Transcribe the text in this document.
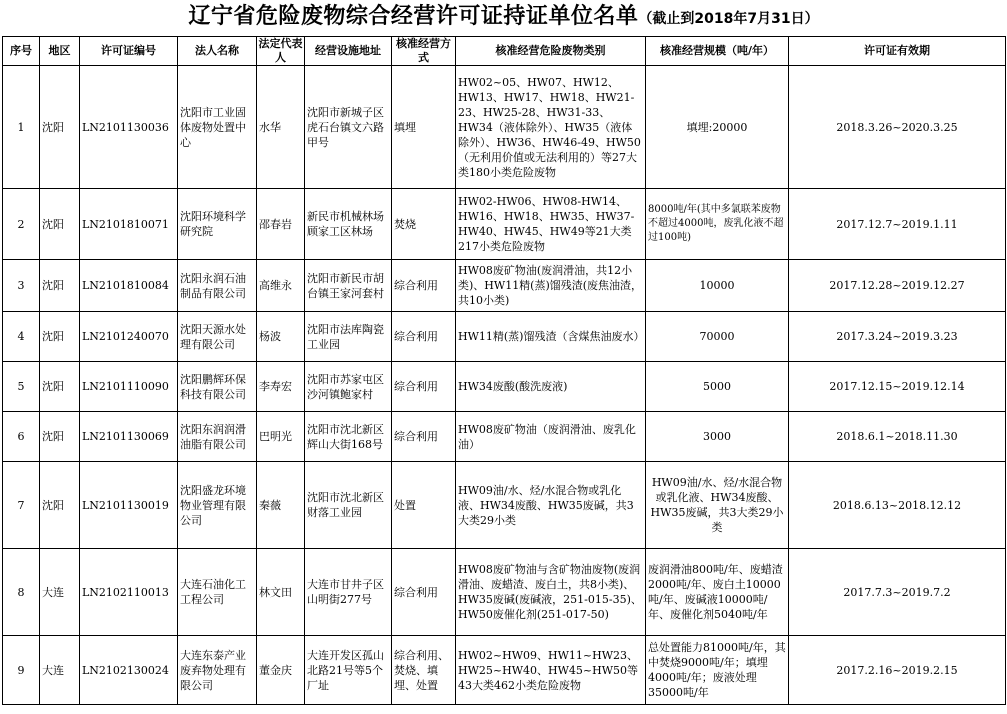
辽宁省危险废物综合经营许可证持证单位名单（截止到2018年7月31日）
序号	地区	许可证编号	法人名称	法定代表人	经营设施地址	核准经营方式	核准经营危险废物类别	核准经营规模（吨/年）	许可证有效期
1	沈阳	LN2101130036	沈阳市工业固体废物处置中心	水华	沈阳市新城子区虎石台镇文六路甲号	填埋	HW02~05、HW07、HW12、HW13、HW17、HW18、HW21-23、HW25-28、HW31-33、HW34（液体除外）、HW35（液体除外）、HW36、HW46-49、HW50（无利用价值或无法利用的）等27大类180小类危险废物	填埋:20000	2018.3.26~2020.3.25
2	沈阳	LN2101810071	沈阳环境科学研究院	邵春岩	新民市机械林场顾家工区林场	焚烧	HW02-HW06、HW08-HW14、HW16、HW18、HW35、HW37-HW40、HW45、HW49等21大类217小类危险废物	8000吨/年(其中多氯联苯废物不超过4000吨，废乳化液不超过100吨)	2017.12.7~2019.1.11
3	沈阳	LN2101810084	沈阳永润石油制品有限公司	高维永	沈阳市新民市胡台镇王家河套村	综合利用	HW08废矿物油(废润滑油，共12小类)、HW11精(蒸)馏残渣(废焦油渣，共10小类)	10000	2017.12.28~2019.12.27
4	沈阳	LN2101240070	沈阳天源水处理有限公司	杨波	沈阳市法库陶瓷工业园	综合利用	HW11精(蒸)馏残渣（含煤焦油废水）	70000	2017.3.24~2019.3.23
5	沈阳	LN2101110090	沈阳鹏辉环保科技有限公司	李寿宏	沈阳市苏家屯区沙河镇鲍家村	综合利用	HW34废酸(酸洗废液)	5000	2017.12.15~2019.12.14
6	沈阳	LN2101130069	沈阳东润润滑油脂有限公司	巴明光	沈阳市沈北新区辉山大街168号	综合利用	HW08废矿物油（废润滑油、废乳化油）	3000	2018.6.1~2018.11.30
7	沈阳	LN2101130019	沈阳盛龙环境物业管理有限公司	秦薇	沈阳市沈北新区财落工业园	处置	HW09油/水、烃/水混合物或乳化液、HW34废酸、HW35废碱，共3大类29小类	HW09油/水、烃/水混合物或乳化液、HW34废酸、HW35废碱，共3大类29小类	2018.6.13~2018.12.12
8	大连	LN2102110013	大连石油化工工程公司	林文田	大连市甘井子区山明街277号	综合利用	HW08废矿物油与含矿物油废物(废润滑油、废蜡渣、废白土，共8小类)、HW35废碱(废碱液，251-015-35)、HW50废催化剂(251-017-50)	废润滑油800吨/年、废蜡渣2000吨/年、废白土10000吨/年、废碱液10000吨/年、废催化剂5040吨/年	2017.7.3~2019.7.2
9	大连	LN2102130024	大连东泰产业废弃物处理有限公司	董金庆	大连开发区孤山北路21号等5个厂址	综合利用、焚烧、填埋、处置	HW02~HW09、HW11~HW23、HW25~HW40、HW45~HW50等43大类462小类危险废物	总处置能力81000吨/年，其中焚烧9000吨/年；填埋4000吨/年；废液处理35000吨/年	2017.2.16~2019.2.15
